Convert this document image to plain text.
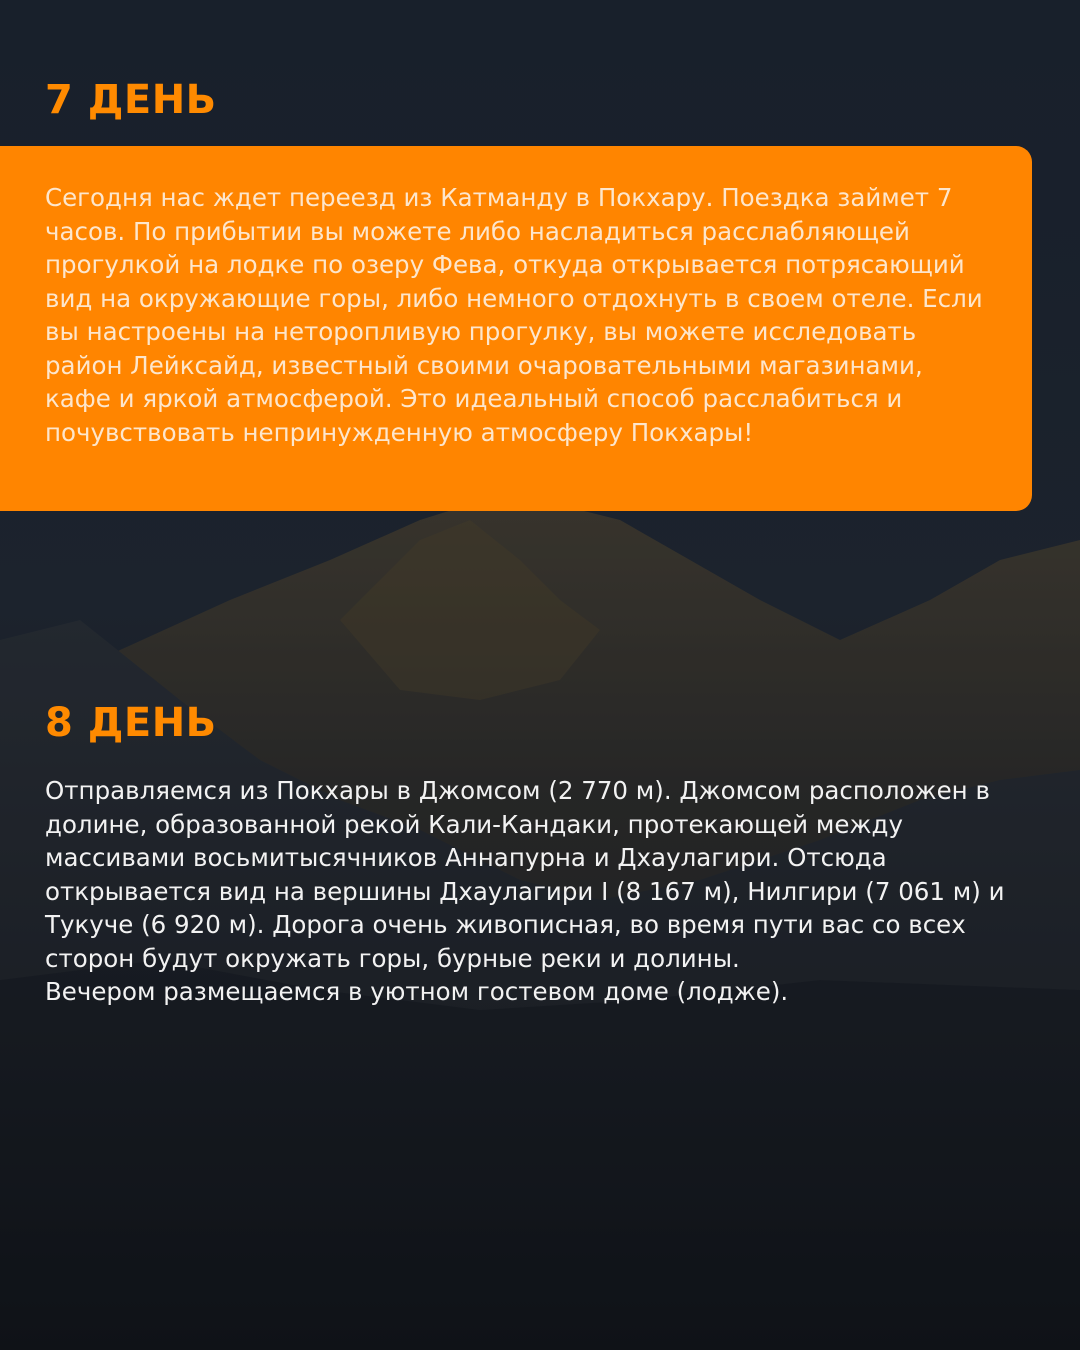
7 ДЕНЬ

Сегодня нас ждет переезд из Катманду в Покхару. Поездка займет 7 часов. По прибытии вы можете либо насладиться расслабляющей прогулкой на лодке по озеру Фева, откуда открывается потрясающий вид на окружающие горы, либо немного отдохнуть в своем отеле. Если вы настроены на неторопливую прогулку, вы можете исследовать район Лейксайд, известный своими очаровательными магазинами, кафе и яркой атмосферой. Это идеальный способ расслабиться и почувствовать непринужденную атмосферу Покхары!

8 ДЕНЬ
Отправляемся из Покхары в Джомсом (2 770 м). Джомсом расположен в долине, образованной рекой Кали-Кандаки, протекающей между массивами восьмитысячников Аннапурна и Дхаулагири. Отсюда открывается вид на вершины Дхаулагири I (8 167 м), Нилгири (7 061 м) и Тукуче (6 920 м). Дорога очень живописная, во время пути вас со всех сторон будут окружать горы, бурные реки и долины.
Вечером размещаемся в уютном гостевом доме (лодже).
